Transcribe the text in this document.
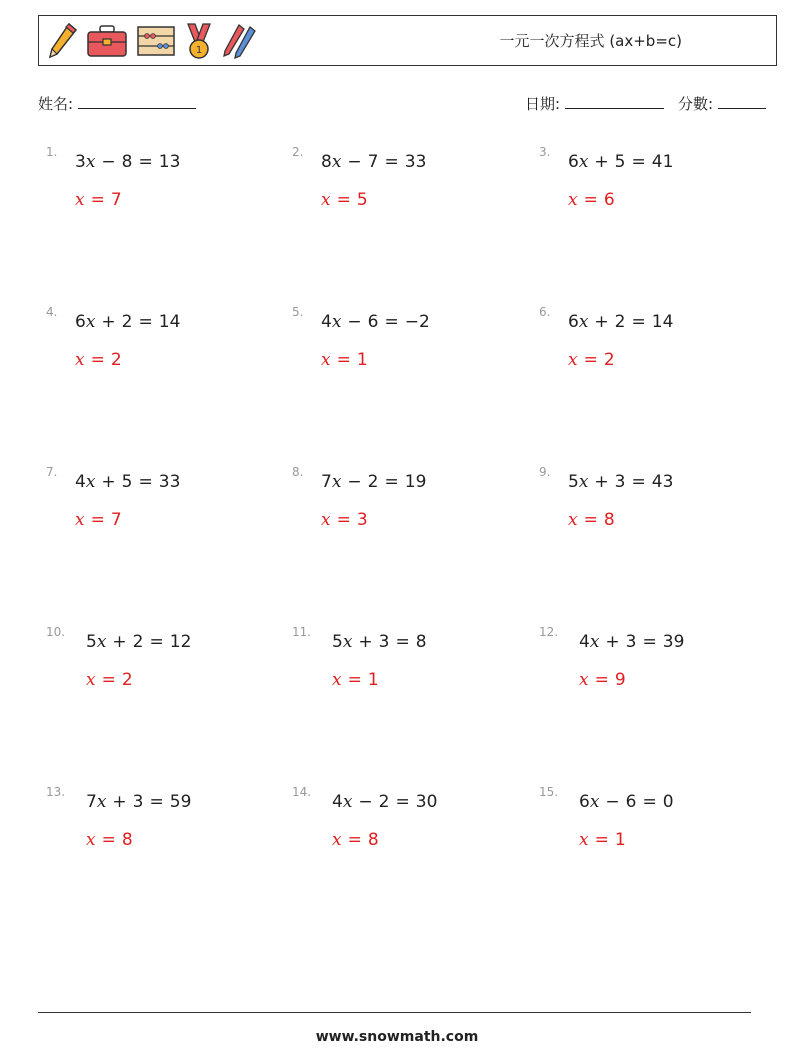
1
一元一次方程式 (ax+b=c)
姓名:	日期:	分數:
1. 3x − 8 = 13
x = 7
2. 8x − 7 = 33
x = 5
3. 6x + 5 = 41
x = 6
4. 6x + 2 = 14
x = 2
5. 4x − 6 = −2
x = 1
6. 6x + 2 = 14
x = 2
7. 4x + 5 = 33
x = 7
8. 7x − 2 = 19
x = 3
9. 5x + 3 = 43
x = 8
10. 5x + 2 = 12
x = 2
11. 5x + 3 = 8
x = 1
12. 4x + 3 = 39
x = 9
13. 7x + 3 = 59
x = 8
14. 4x − 2 = 30
x = 8
15. 6x − 6 = 0
x = 1
www.snowmath.com
